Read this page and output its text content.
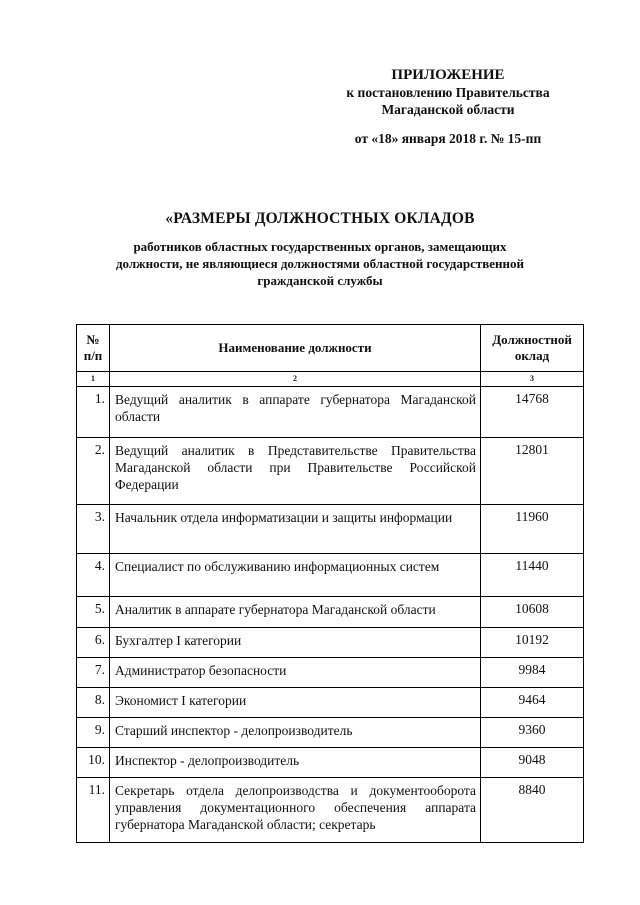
ПРИЛОЖЕНИЕ
к постановлению Правительства
Магаданской области
от «18» января 2018 г. № 15-пп
«РАЗМЕРЫ ДОЛЖНОСТНЫХ ОКЛАДОВ
работников областных государственных органов, замещающих
должности, не являющиеся должностями областной государственной
гражданской службы
№ п/п	Наименование должности	Должностной оклад
1	2	3
1.	Ведущий аналитик в аппарате губернатора Магаданской области	14768
2.	Ведущий аналитик в Представительстве Правительства Магаданской области при Правительстве Российской Федерации	12801
3.	Начальник отдела информатизации и защиты информации	11960
4.	Специалист по обслуживанию информационных систем	11440
5.	Аналитик в аппарате губернатора Магаданской области	10608
6.	Бухгалтер I категории	10192
7.	Администратор безопасности	9984
8.	Экономист I категории	9464
9.	Старший инспектор - делопроизводитель	9360
10.	Инспектор - делопроизводитель	9048
11.	Секретарь отдела делопроизводства и документооборота управления документационного обеспечения аппарата губернатора Магаданской области; секретарь	8840
